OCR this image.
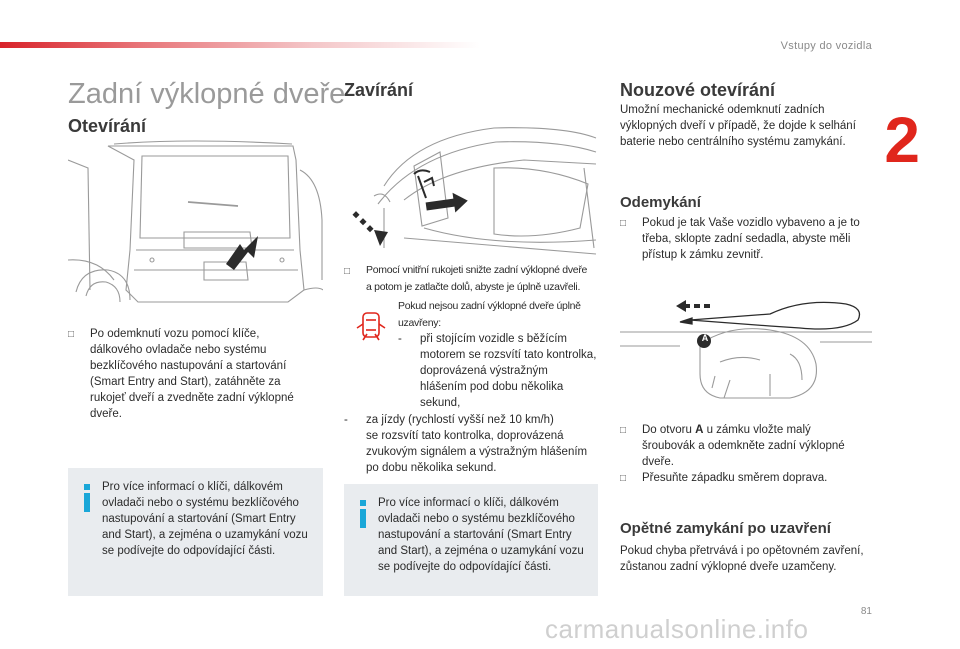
Vstupy do vozidla
2
81
carmanualsonline.info
Zadní výklopné dveře
Otevírání
□	Po odemknutí vozu pomocí klíče,
dálkového ovladače nebo systému
bezklíčového nastupování a startování
(Smart Entry and Start), zatáhněte za
rukojeť dveří a zvedněte zadní výklopné
dveře.
Pro více informací o klíči, dálkovém
ovladači nebo o systému bezklíčového
nastupování a startování (Smart Entry
and Start), a zejména o uzamykání vozu
se podívejte do odpovídající části.
Zavírání
□	Pomocí vnitřní rukojeti snižte zadní výklopné dveře
a potom je zatlačte dolů, abyste je úplně uzavřeli.
Pokud nejsou zadní výklopné dveře úplně
uzavřeny:
-	při stojícím vozidle s běžícím
motorem se rozsvítí tato kontrolka,
doprovázená výstražným
hlášením pod dobu několika
sekund,
-	za jízdy (rychlostí vyšší než 10 km/h)
se rozsvítí tato kontrolka, doprovázená
zvukovým signálem a výstražným hlášením
po dobu několika sekund.
Pro více informací o klíči, dálkovém
ovladači nebo o systému bezklíčového
nastupování a startování (Smart Entry
and Start), a zejména o uzamykání vozu
se podívejte do odpovídající části.
Nouzové otevírání
Umožní mechanické odemknutí zadních
výklopných dveří v případě, že dojde k selhání
baterie nebo centrálního systému zamykání.
Odemykání
□	Pokud je tak Vaše vozidlo vybaveno a je to
třeba, sklopte zadní sedadla, abyste měli
přístup k zámku zevnitř.
A
□	Do otvoru A u zámku vložte malý
šroubovák a odemkněte zadní výklopné
dveře.
□	Přesuňte západku směrem doprava.
Opětné zamykání po uzavření
Pokud chyba přetrvává i po opětovném zavření,
zůstanou zadní výklopné dveře uzamčeny.
